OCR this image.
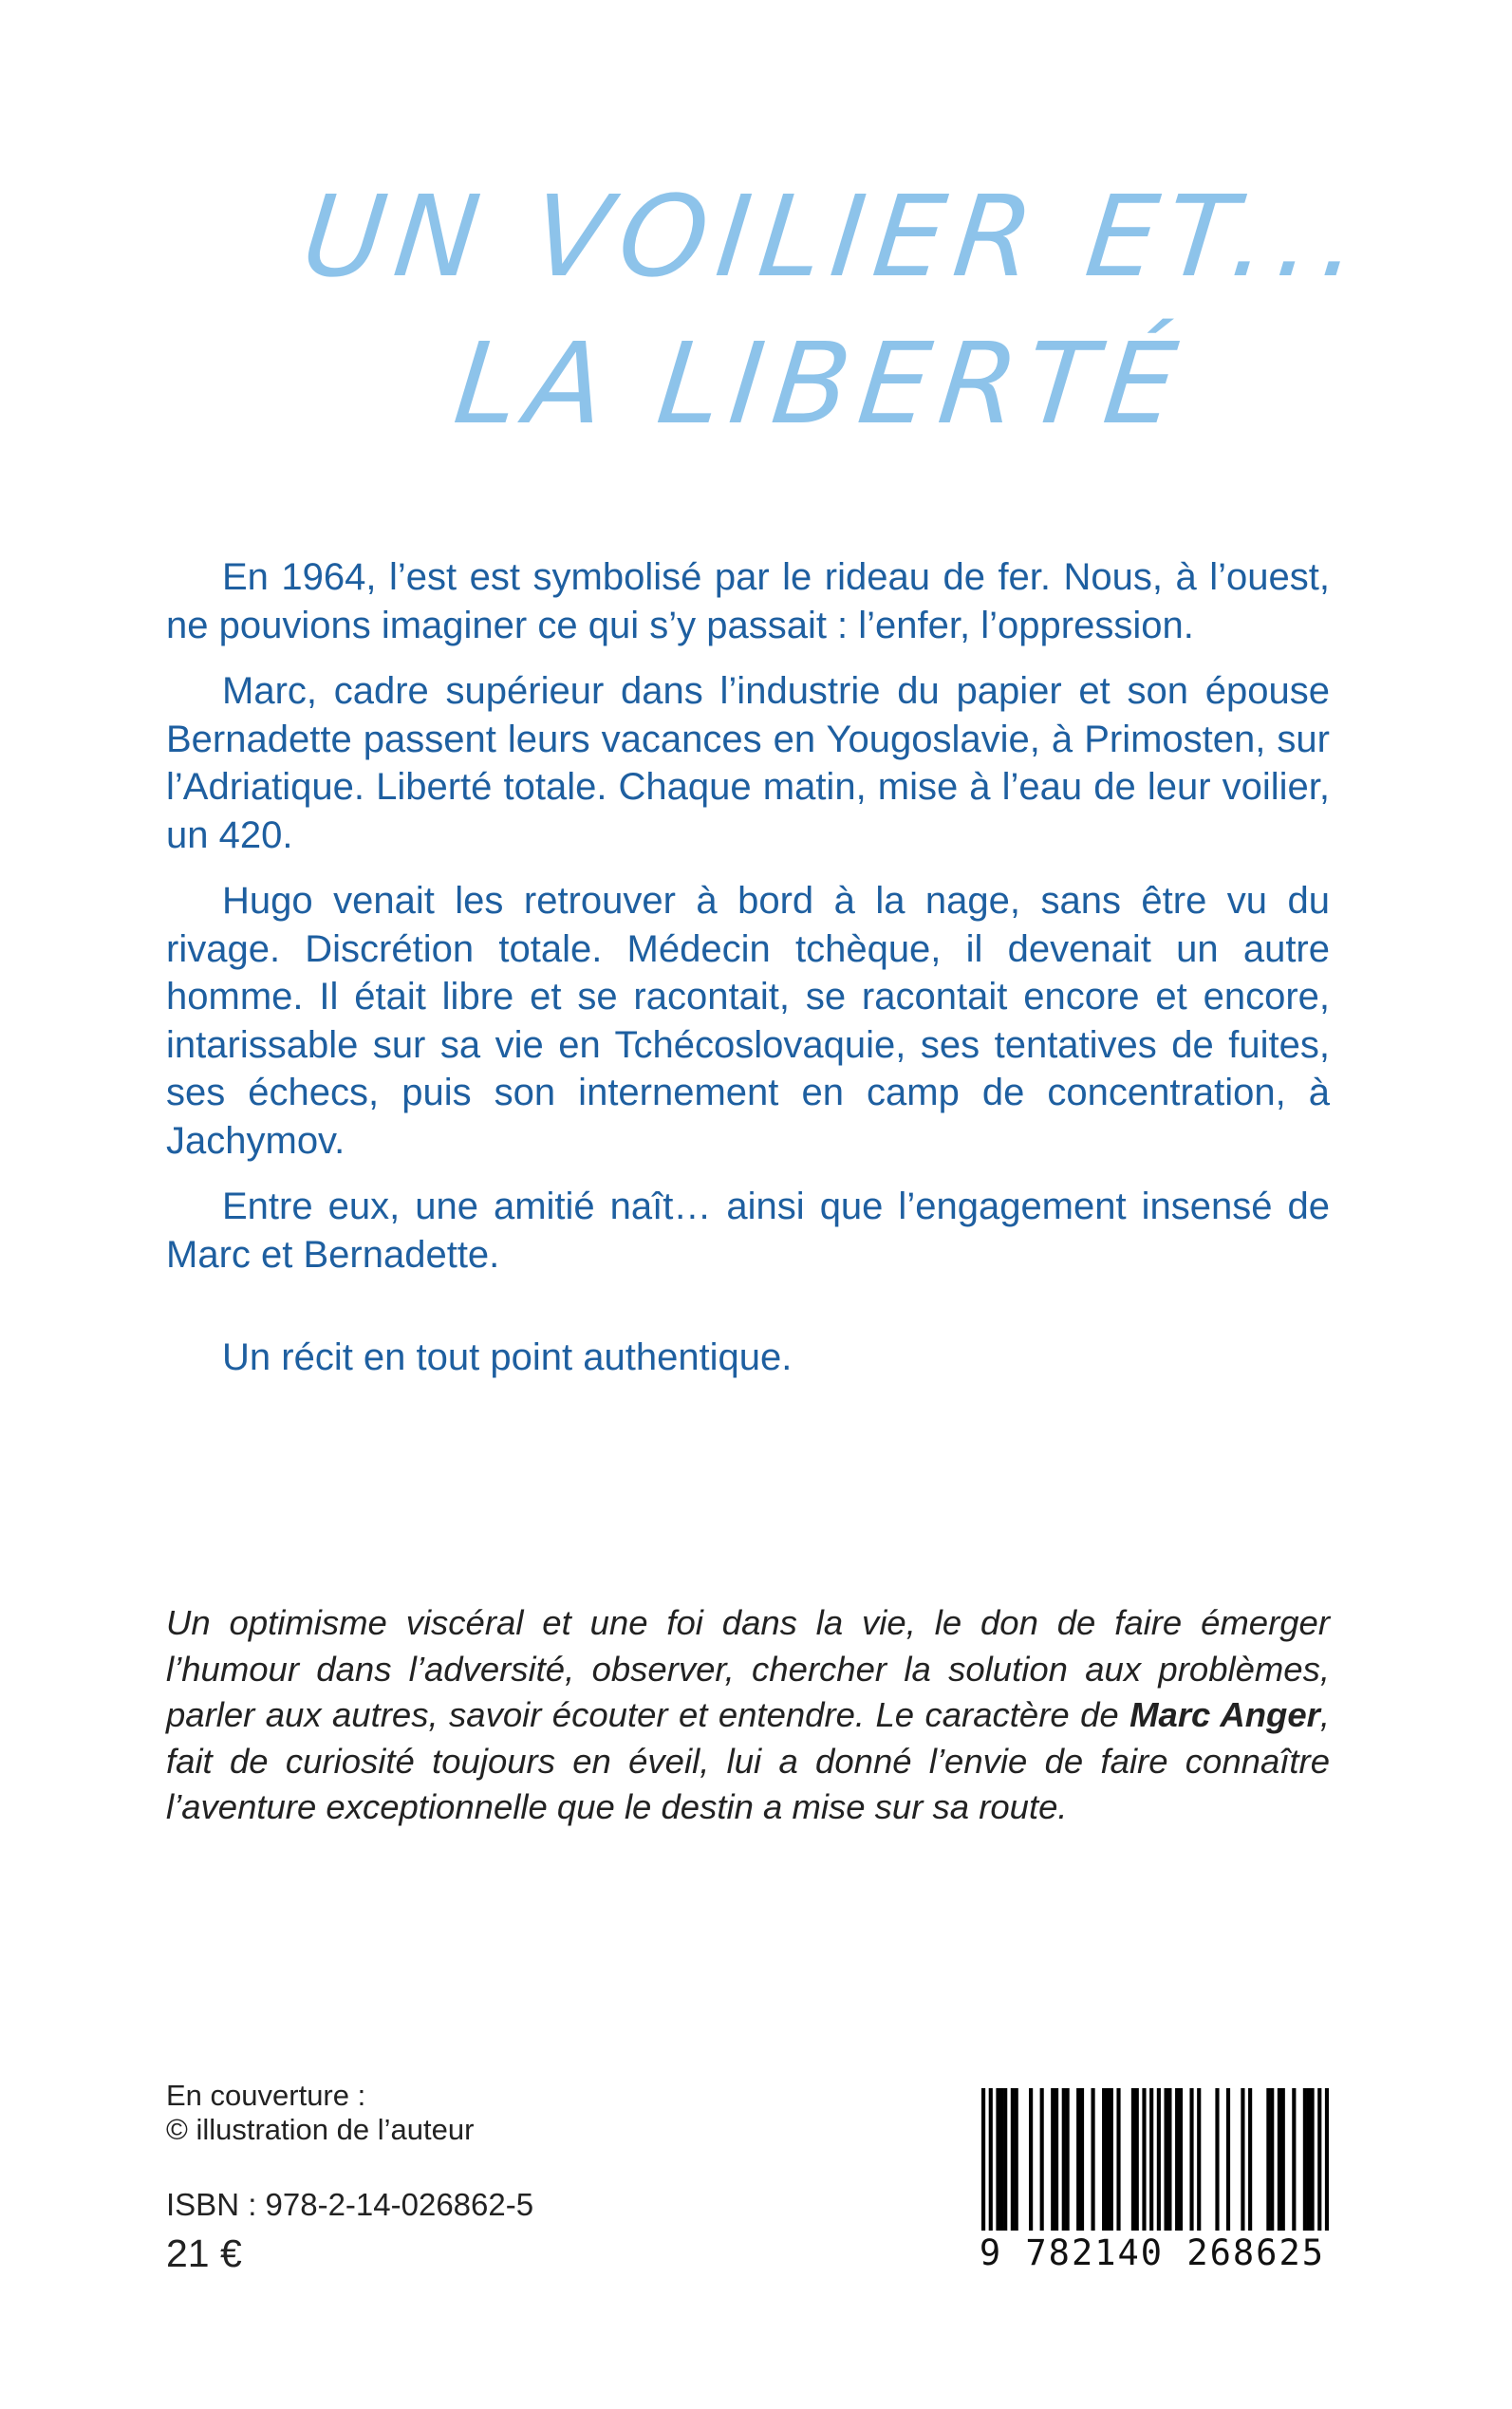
UN VOILIER ET...
LA LIBERTÉ

En 1964, l’est est symbolisé par le rideau de fer. Nous, à l’ouest, ne pouvions imaginer ce qui s’y passait : l’enfer, l’oppression.

Marc, cadre supérieur dans l’industrie du papier et son épouse Bernadette passent leurs vacances en Yougoslavie, à Primosten, sur l’Adriatique. Liberté totale. Chaque matin, mise à l’eau de leur voilier, un 420.

Hugo venait les retrouver à bord à la nage, sans être vu du rivage. Discrétion totale. Médecin tchèque, il devenait un autre homme. Il était libre et se racontait, se racontait encore et encore, intarissable sur sa vie en Tchécoslovaquie, ses tentatives de fuites, ses échecs, puis son internement en camp de concentration, à Jachymov.

Entre eux, une amitié naît… ainsi que l’engagement insensé de Marc et Bernadette.

Un récit en tout point authentique.

Un optimisme viscéral et une foi dans la vie, le don de faire émerger l’humour dans l’adversité, observer, chercher la solution aux problèmes, parler aux autres, savoir écouter et entendre. Le caractère de Marc Anger, fait de curiosité toujours en éveil, lui a donné l’envie de faire connaître l’aventure exceptionnelle que le destin a mise sur sa route.

En couverture :
© illustration de l’auteur
ISBN : 978-2-14-026862-5
21 €	9 782140 268625
